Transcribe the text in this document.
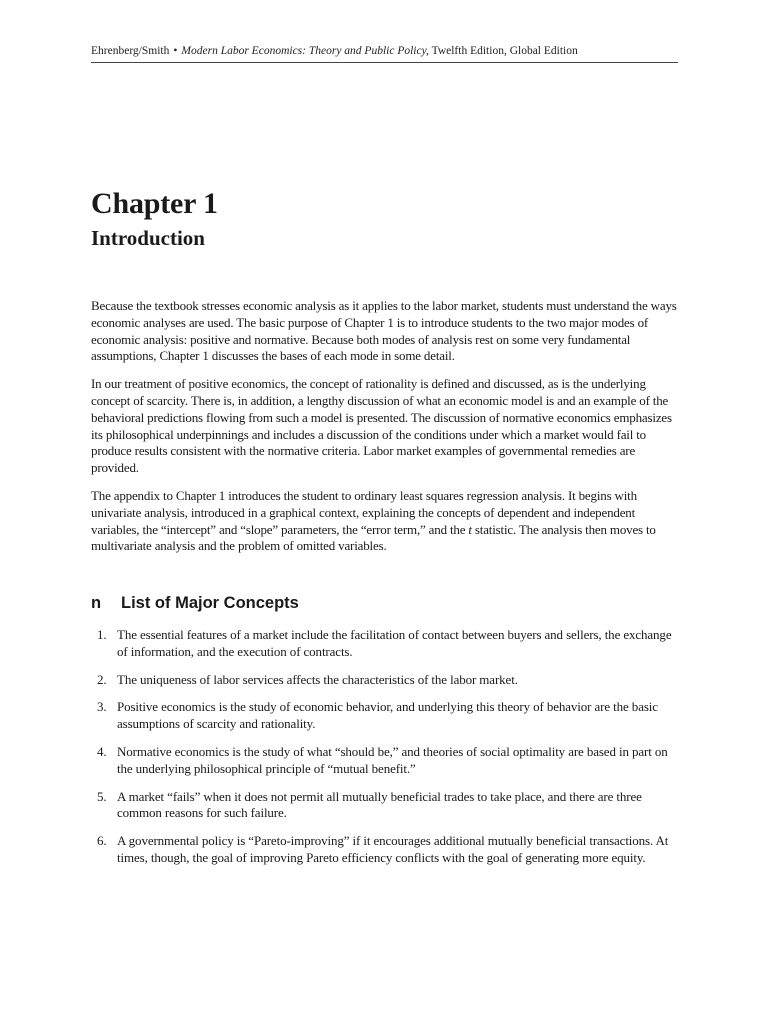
Ehrenberg/Smith • Modern Labor Economics: Theory and Public Policy, Twelfth Edition, Global Edition
Chapter 1
Introduction

Because the textbook stresses economic analysis as it applies to the labor market, students must understand the ways economic analyses are used. The basic purpose of Chapter 1 is to introduce students to the two major modes of economic analysis: positive and normative. Because both modes of analysis rest on some very fundamental assumptions, Chapter 1 discusses the bases of each mode in some detail.

In our treatment of positive economics, the concept of rationality is defined and discussed, as is the underlying concept of scarcity. There is, in addition, a lengthy discussion of what an economic model is and an example of the behavioral predictions flowing from such a model is presented. The discussion of normative economics emphasizes its philosophical underpinnings and includes a discussion of the conditions under which a market would fail to produce results consistent with the normative criteria. Labor market examples of governmental remedies are provided.

The appendix to Chapter 1 introduces the student to ordinary least squares regression analysis. It begins with univariate analysis, introduced in a graphical context, explaining the concepts of dependent and independent variables, the “intercept” and “slope” parameters, the “error term,” and the t statistic. The analysis then moves to multivariate analysis and the problem of omitted variables.

n List of Major Concepts
1. The essential features of a market include the facilitation of contact between buyers and sellers, the exchange of information, and the execution of contracts.
2. The uniqueness of labor services affects the characteristics of the labor market.
3. Positive economics is the study of economic behavior, and underlying this theory of behavior are the basic assumptions of scarcity and rationality.
4. Normative economics is the study of what “should be,” and theories of social optimality are based in part on the underlying philosophical principle of “mutual benefit.”
5. A market “fails” when it does not permit all mutually beneficial trades to take place, and there are three common reasons for such failure.
6. A governmental policy is “Pareto-improving” if it encourages additional mutually beneficial transactions. At times, though, the goal of improving Pareto efficiency conflicts with the goal of generating more equity.
